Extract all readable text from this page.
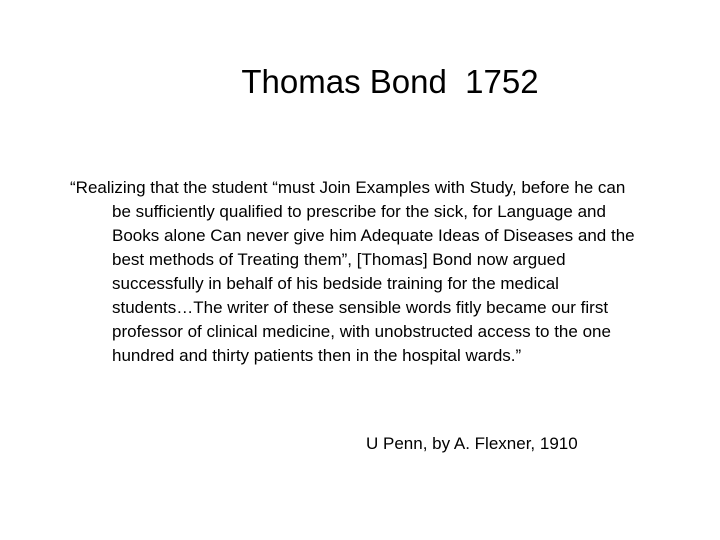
Thomas Bond  1752
“Realizing that the student “must Join Examples with Study, before he can
be sufficiently qualified to prescribe for the sick, for Language and
Books alone Can never give him Adequate Ideas of Diseases and the
best methods of Treating them”, [Thomas] Bond now argued
successfully in behalf of his bedside training for the medical
students…The writer of these sensible words fitly became our first
professor of clinical medicine, with unobstructed access to the one
hundred and thirty patients then in the hospital wards.”
U Penn, by A. Flexner, 1910
